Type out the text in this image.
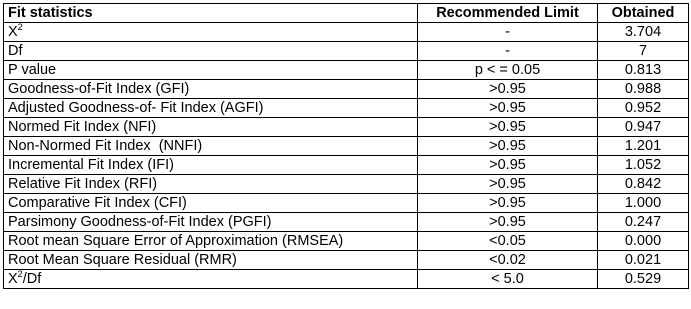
Fit statistics	Recommended Limit	Obtained
$X^2$	-	3.704
Df	-	7
P value	p < = 0.05	0.813
Goodness-of-Fit Index (GFI)	>0.95	0.988
Adjusted Goodness-of- Fit Index (AGFI)	>0.95	0.952
Normed Fit Index (NFI)	>0.95	0.947
Non-Normed Fit Index  (NNFI)	>0.95	1.201
Incremental Fit Index (IFI)	>0.95	1.052
Relative Fit Index (RFI)	>0.95	0.842
Comparative Fit Index (CFI)	>0.95	1.000
Parsimony Goodness-of-Fit Index (PGFI)	>0.95	0.247
Root mean Square Error of Approximation (RMSEA)	<0.05	0.000
Root Mean Square Residual (RMR)	<0.02	0.021
$X^2/Df$	< 5.0	0.529
